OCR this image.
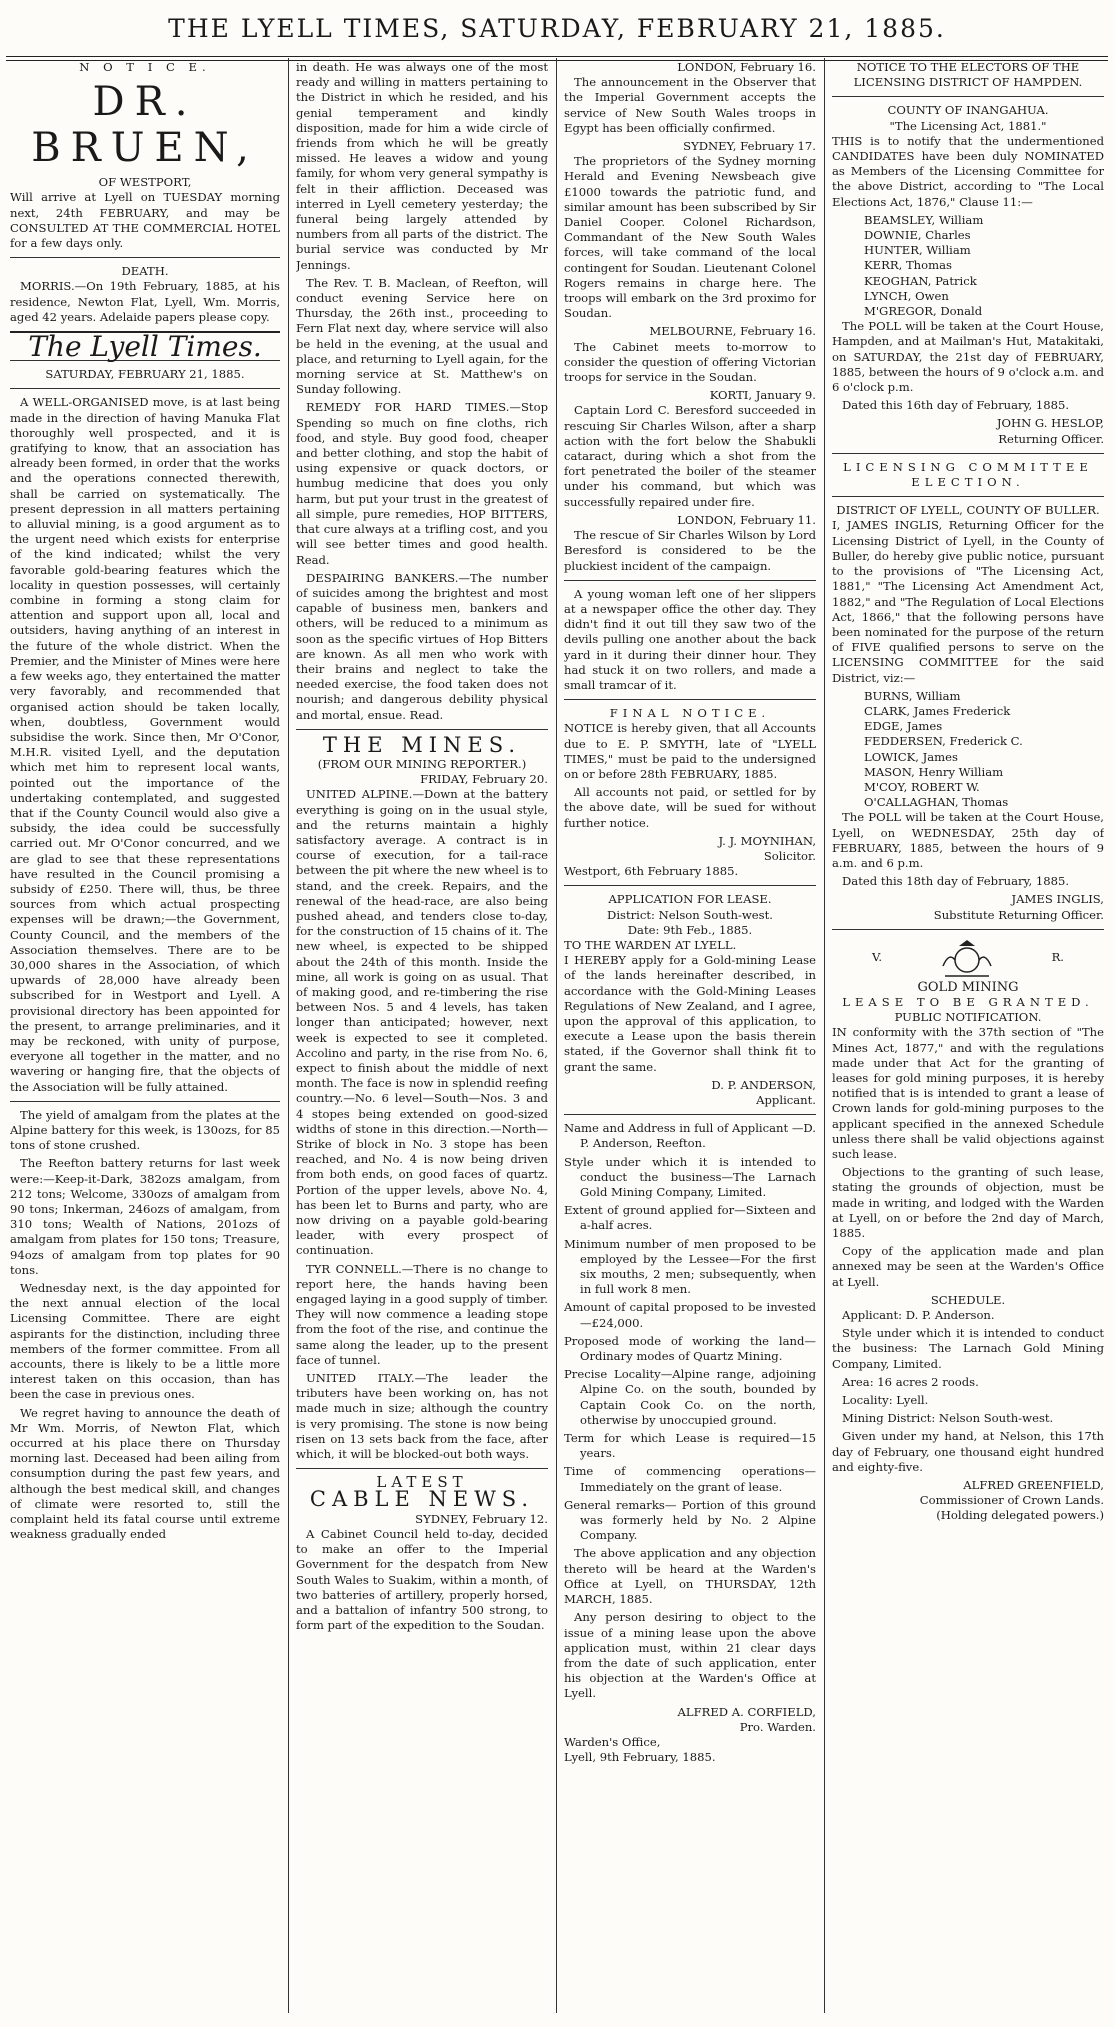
THE LYELL TIMES, SATURDAY, FEBRUARY 21, 1885.
N O T I C E.
DR. BRUEN,
OF WESTPORT,

Will arrive at Lyell on TUESDAY morning next, 24th FEBRUARY, and may be CONSULTED AT THE COMMERCIAL HOTEL for a few days only.

DEATH.

MORRIS.—On 19th February, 1885, at his residence, Newton Flat, Lyell, Wm. Morris, aged 42 years. Adelaide papers please copy.

The Lyell Times.
SATURDAY, FEBRUARY 21, 1885.

A WELL-ORGANISED move, is at last being made in the direction of having Manuka Flat thoroughly well prospected, and it is gratifying to know, that an association has already been formed, in order that the works and the operations connected therewith, shall be carried on systematically. The present depression in all matters pertaining to alluvial mining, is a good argument as to the urgent need which exists for enterprise of the kind indicated; whilst the very favorable gold-bearing features which the locality in question possesses, will certainly combine in forming a stong claim for attention and support upon all, local and outsiders, having anything of an interest in the future of the whole district. When the Premier, and the Minister of Mines were here a few weeks ago, they entertained the matter very favorably, and recommended that organised action should be taken locally, when, doubtless, Government would subsidise the work. Since then, Mr O'Conor, M.H.R. visited Lyell, and the deputation which met him to represent local wants, pointed out the importance of the undertaking contemplated, and suggested that if the County Council would also give a subsidy, the idea could be successfully carried out. Mr O'Conor concurred, and we are glad to see that these representations have resulted in the Council promising a subsidy of £250. There will, thus, be three sources from which actual prospecting expenses will be drawn;—the Government, County Council, and the members of the Association themselves. There are to be 30,000 shares in the Association, of which upwards of 28,000 have already been subscribed for in Westport and Lyell. A provisional directory has been appointed for the present, to arrange preliminaries, and it may be reckoned, with unity of purpose, everyone all together in the matter, and no wavering or hanging fire, that the objects of the Association will be fully attained.

The yield of amalgam from the plates at the Alpine battery for this week, is 130ozs, for 85 tons of stone crushed.

The Reefton battery returns for last week were:—Keep-it-Dark, 382ozs amalgam, from 212 tons; Welcome, 330ozs of amalgam from 90 tons; Inkerman, 246ozs of amalgam, from 310 tons; Wealth of Nations, 201ozs of amalgam from plates for 150 tons; Treasure, 94ozs of amalgam from top plates for 90 tons.

Wednesday next, is the day appointed for the next annual election of the local Licensing Committee. There are eight aspirants for the distinction, including three members of the former committee. From all accounts, there is likely to be a little more interest taken on this occasion, than has been the case in previous ones.

We regret having to announce the death of Mr Wm. Morris, of Newton Flat, which occurred at his place there on Thursday morning last. Deceased had been ailing from consumption during the past few years, and although the best medical skill, and changes of climate were resorted to, still the complaint held its fatal course until extreme weakness gradually ended

in death. He was always one of the most ready and willing in matters pertaining to the District in which he resided, and his genial temperament and kindly disposition, made for him a wide circle of friends from which he will be greatly missed. He leaves a widow and young family, for whom very general sympathy is felt in their affliction. Deceased was interred in Lyell cemetery yesterday; the funeral being largely attended by numbers from all parts of the district. The burial service was conducted by Mr Jennings.

The Rev. T. B. Maclean, of Reefton, will conduct evening Service here on Thursday, the 26th inst., proceeding to Fern Flat next day, where service will also be held in the evening, at the usual and place, and returning to Lyell again, for the morning service at St. Matthew's on Sunday following.

REMEDY FOR HARD TIMES.—Stop Spending so much on fine cloths, rich food, and style. Buy good food, cheaper and better clothing, and stop the habit of using expensive or quack doctors, or humbug medicine that does you only harm, but put your trust in the greatest of all simple, pure remedies, HOP BITTERS, that cure always at a trifling cost, and you will see better times and good health. Read.

DESPAIRING BANKERS.—The number of suicides among the brightest and most capable of business men, bankers and others, will be reduced to a minimum as soon as the specific virtues of Hop Bitters are known. As all men who work with their brains and neglect to take the needed exercise, the food taken does not nourish; and dangerous debility physical and mortal, ensue. Read.

THE MINES.
(FROM OUR MINING REPORTER.)
FRIDAY, February 20.

UNITED ALPINE.—Down at the battery everything is going on in the usual style, and the returns maintain a highly satisfactory average. A contract is in course of execution, for a tail-race between the pit where the new wheel is to stand, and the creek. Repairs, and the renewal of the head-race, are also being pushed ahead, and tenders close to-day, for the construction of 15 chains of it. The new wheel, is expected to be shipped about the 24th of this month. Inside the mine, all work is going on as usual. That of making good, and re-timbering the rise between Nos. 5 and 4 levels, has taken longer than anticipated; however, next week is expected to see it completed. Accolino and party, in the rise from No. 6, expect to finish about the middle of next month. The face is now in splendid reefing country.—No. 6 level—South—Nos. 3 and 4 stopes being extended on good-sized widths of stone in this direction.—North—Strike of block in No. 3 stope has been reached, and No. 4 is now being driven from both ends, on good faces of quartz. Portion of the upper levels, above No. 4, has been let to Burns and party, who are now driving on a payable gold-bearing leader, with every prospect of continuation.

TYR CONNELL.—There is no change to report here, the hands having been engaged laying in a good supply of timber. They will now commence a leading stope from the foot of the rise, and continue the same along the leader, up to the present face of tunnel.

UNITED ITALY.—The leader the tributers have been working on, has not made much in size; although the country is very promising. The stone is now being risen on 13 sets back from the face, after which, it will be blocked-out both ways.

LATEST
CABLE NEWS.
SYDNEY, February 12.

A Cabinet Council held to-day, decided to make an offer to the Imperial Government for the despatch from New South Wales to Suakim, within a month, of two batteries of artillery, properly horsed, and a battalion of infantry 500 strong, to form part of the expedition to the Soudan.

LONDON, February 16.

The announcement in the Observer that the Imperial Government accepts the service of New South Wales troops in Egypt has been officially confirmed.

SYDNEY, February 17.

The proprietors of the Sydney morning Herald and Evening Newsbeach give £1000 towards the patriotic fund, and similar amount has been subscribed by Sir Daniel Cooper. Colonel Richardson, Commandant of the New South Wales forces, will take command of the local contingent for Soudan. Lieutenant Colonel Rogers remains in charge here. The troops will embark on the 3rd proximo for Soudan.

MELBOURNE, February 16.

The Cabinet meets to-morrow to consider the question of offering Victorian troops for service in the Soudan.

KORTI, January 9.

Captain Lord C. Beresford succeeded in rescuing Sir Charles Wilson, after a sharp action with the fort below the Shabukli cataract, during which a shot from the fort penetrated the boiler of the steamer under his command, but which was successfully repaired under fire.

LONDON, February 11.

The rescue of Sir Charles Wilson by Lord Beresford is considered to be the pluckiest incident of the campaign.

A young woman left one of her slippers at a newspaper office the other day. They didn't find it out till they saw two of the devils pulling one another about the back yard in it during their dinner hour. They had stuck it on two rollers, and made a small tramcar of it.

FINAL NOTICE.

NOTICE is hereby given, that all Accounts due to E. P. SMYTH, late of "LYELL TIMES," must be paid to the undersigned on or before 28th FEBRUARY, 1885.

All accounts not paid, or settled for by the above date, will be sued for without further notice.

J. J. MOYNIHAN,
Solicitor.
Westport, 6th February 1885.
APPLICATION FOR LEASE.
District: Nelson South-west.
Date: 9th Feb., 1885.
TO THE WARDEN AT LYELL.

I HEREBY apply for a Gold-mining Lease of the lands hereinafter described, in accordance with the Gold-Mining Leases Regulations of New Zealand, and I agree, upon the approval of this application, to execute a Lease upon the basis therein stated, if the Governor shall think fit to grant the same.

D. P. ANDERSON,
Applicant.

Name and Address in full of Applicant —D. P. Anderson, Reefton.

Style under which it is intended to conduct the business—The Larnach Gold Mining Company, Limited.

Extent of ground applied for—Sixteen and a-half acres.

Minimum number of men proposed to be employed by the Lessee—For the first six mouths, 2 men; subsequently, when in full work 8 men.

Amount of capital proposed to be invested—£24,000.

Proposed mode of working the land—Ordinary modes of Quartz Mining.

Precise Locality—Alpine range, adjoining Alpine Co. on the south, bounded by Captain Cook Co. on the north, otherwise by unoccupied ground.

Term for which Lease is required—15 years.

Time of commencing operations—Immediately on the grant of lease.

General remarks— Portion of this ground was formerly held by No. 2 Alpine Company.

The above application and any objection thereto will be heard at the Warden's Office at Lyell, on THURSDAY, 12th MARCH, 1885.

Any person desiring to object to the issue of a mining lease upon the above application must, within 21 clear days from the date of such application, enter his objection at the Warden's Office at Lyell.

ALFRED A. CORFIELD,
Pro. Warden.
Warden's Office,
Lyell, 9th February, 1885.
NOTICE TO THE ELECTORS OF THE LICENSING DISTRICT OF HAMPDEN.
COUNTY OF INANGAHUA.
"The Licensing Act, 1881."

THIS is to notify that the undermentioned CANDIDATES have been duly NOMINATED as Members of the Licensing Committee for the above District, according to "The Local Elections Act, 1876," Clause 11:—

BEAMSLEY, William
DOWNIE, Charles
HUNTER, William
KERR, Thomas
KEOGHAN, Patrick
LYNCH, Owen
M'GREGOR, Donald

The POLL will be taken at the Court House, Hampden, and at Mailman's Hut, Matakitaki, on SATURDAY, the 21st day of FEBRUARY, 1885, between the hours of 9 o'clock a.m. and 6 o'clock p.m.

Dated this 16th day of February, 1885.

JOHN G. HESLOP,
Returning Officer.
LICENSING COMMITTEE ELECTION.
DISTRICT OF LYELL, COUNTY OF BULLER.

I, JAMES INGLIS, Returning Officer for the Licensing District of Lyell, in the County of Buller, do hereby give public notice, pursuant to the provisions of "The Licensing Act, 1881," "The Licensing Act Amendment Act, 1882," and "The Regulation of Local Elections Act, 1866," that the following persons have been nominated for the purpose of the return of FIVE qualified persons to serve on the LICENSING COMMITTEE for the said District, viz:—

BURNS, William
CLARK, James Frederick
EDGE, James
FEDDERSEN, Frederick C.
LOWICK, James
MASON, Henry William
M'COY, ROBERT W.
O'CALLAGHAN, Thomas

The POLL will be taken at the Court House, Lyell, on WEDNESDAY, 25th day of FEBRUARY, 1885, between the hours of 9 a.m. and 6 p.m.

Dated this 18th day of February, 1885.

JAMES INGLIS,
Substitute Returning Officer.
V.	R.
GOLD MINING
LEASE TO BE GRANTED.
PUBLIC NOTIFICATION.

IN conformity with the 37th section of "The Mines Act, 1877," and with the regulations made under that Act for the granting of leases for gold mining purposes, it is hereby notified that is is intended to grant a lease of Crown lands for gold-mining purposes to the applicant specified in the annexed Schedule unless there shall be valid objections against such lease.

Objections to the granting of such lease, stating the grounds of objection, must be made in writing, and lodged with the Warden at Lyell, on or before the 2nd day of March, 1885.

Copy of the application made and plan annexed may be seen at the Warden's Office at Lyell.

SCHEDULE.

Applicant: D. P. Anderson.

Style under which it is intended to conduct the business: The Larnach Gold Mining Company, Limited.

Area: 16 acres 2 roods.

Locality: Lyell.

Mining District: Nelson South-west.

Given under my hand, at Nelson, this 17th day of February, one thousand eight hundred and eighty-five.

ALFRED GREENFIELD,
Commissioner of Crown Lands.
(Holding delegated powers.)
